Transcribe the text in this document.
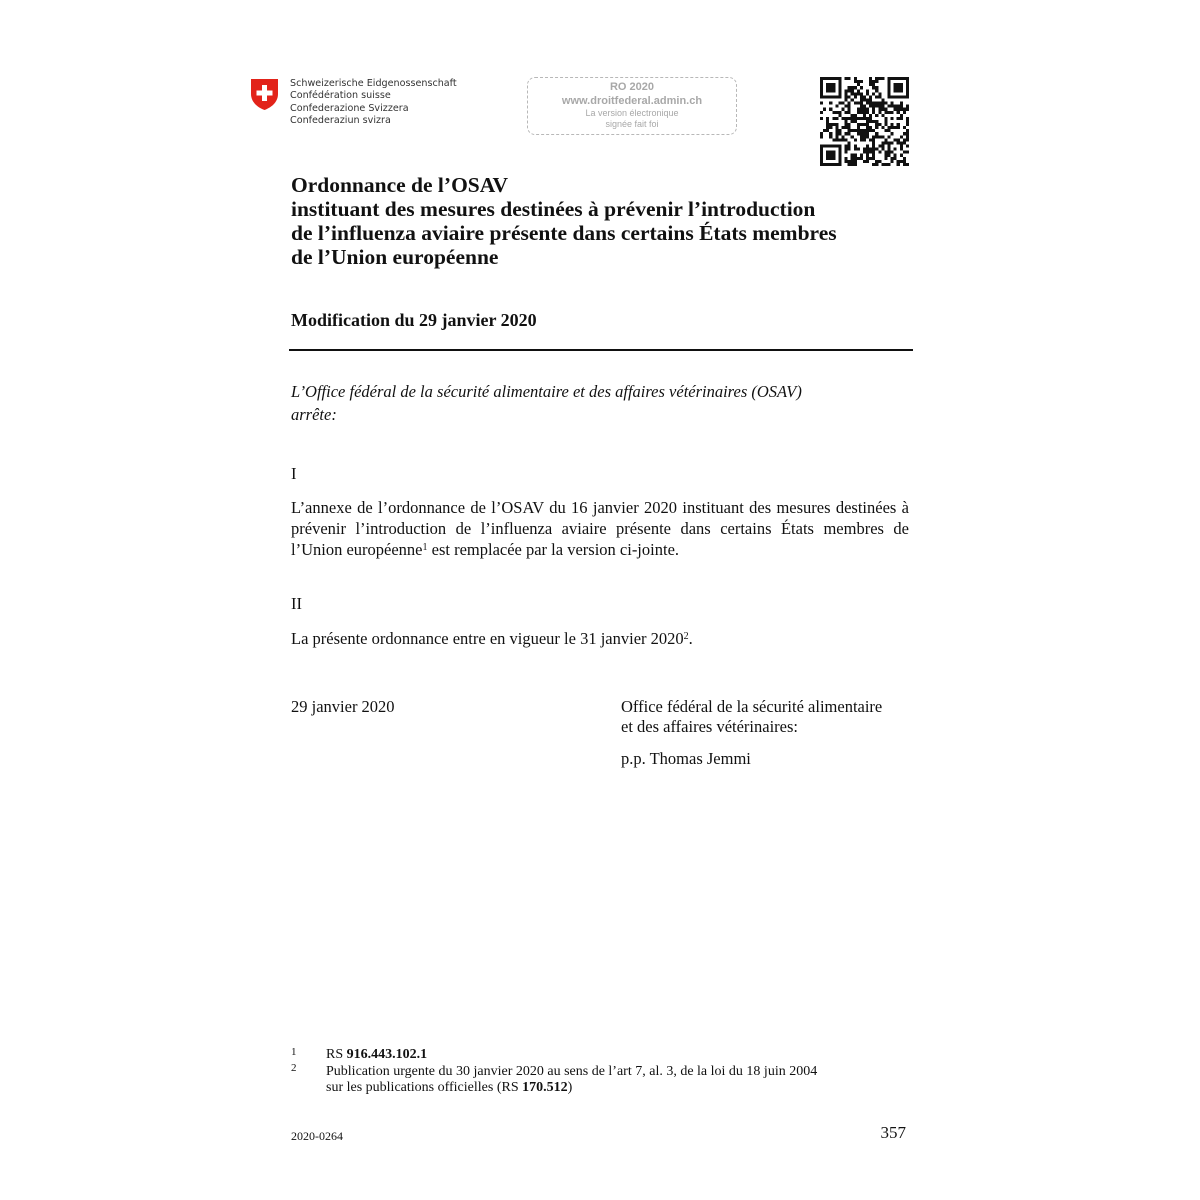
Schweizerische Eidgenossenschaft
Confédération suisse
Confederazione Svizzera
Confederaziun svizra
RO 2020
www.droitfederal.admin.ch
La version électronique
signée fait foi
Ordonnance de l’OSAV
instituant des mesures destinées à prévenir l’introduction
de l’influenza aviaire présente dans certains États membres
de l’Union européenne
Modification du 29 janvier 2020
L’Office fédéral de la sécurité alimentaire et des affaires vétérinaires (OSAV)
arrête:
I
L’annexe de l’ordonnance de l’OSAV du 16 janvier 2020 instituant des mesures destinées à prévenir l’introduction de l’influenza aviaire présente dans certains États membres de l’Union européenne$^1$ est remplacée par la version ci-jointe.
II
La présente ordonnance entre en vigueur le 31 janvier 2020$^2$.
29 janvier 2020	Office fédéral de la sécurité alimentaire
et des affaires vétérinaires:
p.p. Thomas Jemmi
1 RS 916.443.102.1
2 Publication urgente du 30 janvier 2020 au sens de l’art 7, al. 3, de la loi du 18 juin 2004
sur les publications officielles (RS 170.512)
2020-0264	357
